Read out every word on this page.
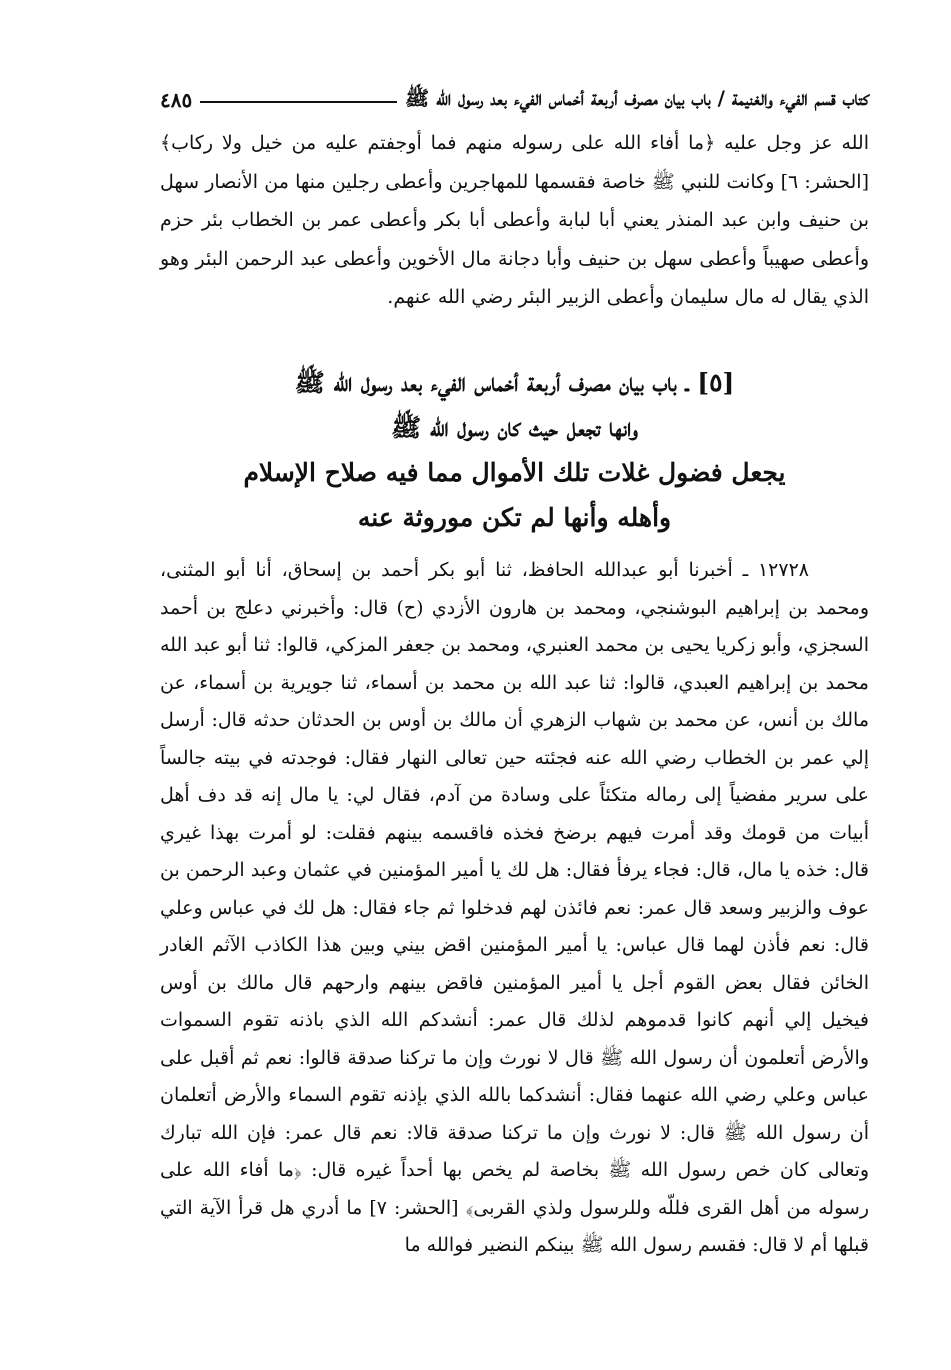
كتاب قسم الفيء والغنيمة / باب بيان مصرف أربعة أخماس الفيء بعد رسول الله ﷺ
٤٨٥

الله عز وجل عليه ﴿ما أفاء الله على رسوله منهم فما أوجفتم عليه من خيل ولا ركاب﴾ [الحشر: ٦] وكانت للنبي ﷺ خاصة فقسمها للمهاجرين وأعطى رجلين منها من الأنصار سهل بن حنيف وابن عبد المنذر يعني أبا لبابة وأعطى أبا بكر وأعطى عمر بن الخطاب بئر حزم وأعطى صهيباً وأعطى سهل بن حنيف وأبا دجانة مال الأخوين وأعطى عبد الرحمن البئر وهو الذي يقال له مال سليمان وأعطى الزبير البئر رضي الله عنهم.

[٥] ـ باب بيان مصرف أربعة أخماس الفيء بعد رسول الله ﷺ
وانها تجعل حيث كان رسول الله ﷺ
يجعل فضول غلات تلك الأموال مما فيه صلاح الإسلام
وأهله وأنها لم تكن موروثة عنه

١٢٧٢٨ ـ أخبرنا أبو عبدالله الحافظ، ثنا أبو بكر أحمد بن إسحاق، أنا أبو المثنى، ومحمد بن إبراهيم البوشنجي، ومحمد بن هارون الأزدي (ح) قال: وأخبرني دعلج بن أحمد السجزي، وأبو زكريا يحيى بن محمد العنبري، ومحمد بن جعفر المزكي، قالوا: ثنا أبو عبد الله محمد بن إبراهيم العبدي، قالوا: ثنا عبد الله بن محمد بن أسماء، ثنا جويرية بن أسماء، عن مالك بن أنس، عن محمد بن شهاب الزهري أن مالك بن أوس بن الحدثان حدثه قال: أرسل إلي عمر بن الخطاب رضي الله عنه فجئته حين تعالى النهار فقال: فوجدته في بيته جالساً على سرير مفضياً إلى رماله متكئاً على وسادة من آدم، فقال لي: يا مال إنه قد دف أهل أبيات من قومك وقد أمرت فيهم برضخ فخذه فاقسمه بينهم فقلت: لو أمرت بهذا غيري قال: خذه يا مال، قال: فجاء يرفأ فقال: هل لك يا أمير المؤمنين في عثمان وعبد الرحمن بن عوف والزبير وسعد قال عمر: نعم فائذن لهم فدخلوا ثم جاء فقال: هل لك في عباس وعلي قال: نعم فأذن لهما قال عباس: يا أمير المؤمنين اقض بيني وبين هذا الكاذب الآثم الغادر الخائن فقال بعض القوم أجل يا أمير المؤمنين فاقض بينهم وارحهم قال مالك بن أوس فيخيل إلي أنهم كانوا قدموهم لذلك قال عمر: أنشدكم الله الذي باذنه تقوم السموات والأرض أتعلمون أن رسول الله ﷺ قال لا نورث وإن ما تركنا صدقة قالوا: نعم ثم أقبل على عباس وعلي رضي الله عنهما فقال: أنشدكما بالله الذي بإذنه تقوم السماء والأرض أتعلمان أن رسول الله ﷺ قال: لا نورث وإن ما تركنا صدقة قالا: نعم قال عمر: فإن الله تبارك وتعالى كان خص رسول الله ﷺ بخاصة لم يخص بها أحداً غيره قال: ﴿ما أفاء الله على رسوله من أهل القرى فللّه وللرسول ولذي القربى﴾ [الحشر: ٧] ما أدري هل قرأ الآية التي قبلها أم لا قال: فقسم رسول الله ﷺ بينكم النضير فوالله ما
